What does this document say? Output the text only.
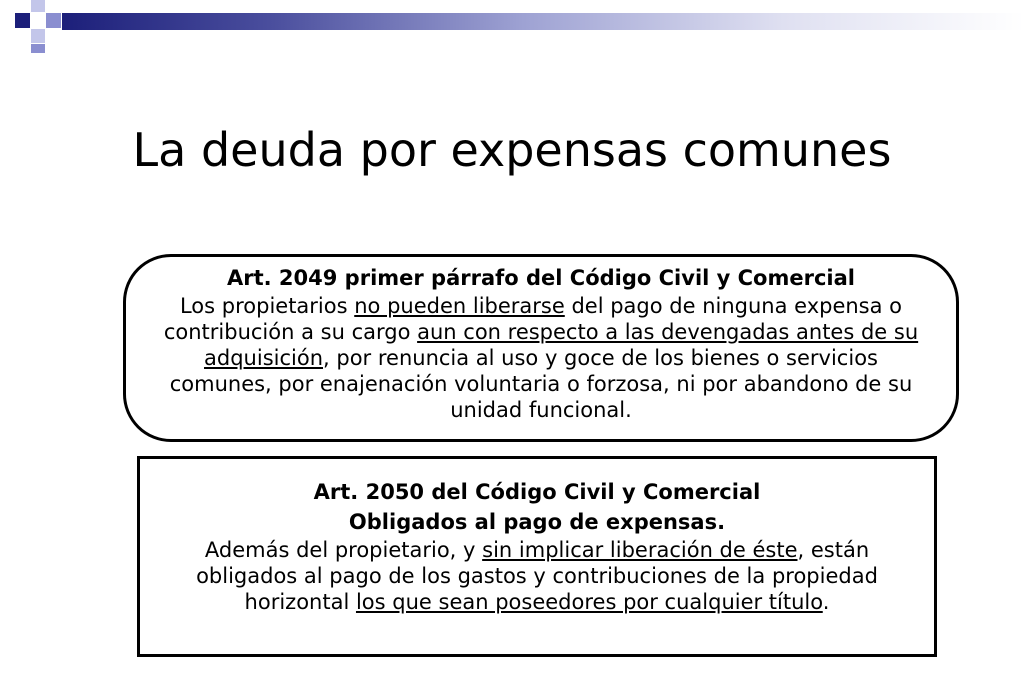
La deuda por expensas comunes
Art. 2049 primer párrafo del Código Civil y Comercial
Los propietarios no pueden liberarse del pago de ninguna expensa o contribución a su cargo aun con respecto a las devengadas antes de su adquisición, por renuncia al uso y goce de los bienes o servicios comunes, por enajenación voluntaria o forzosa, ni por abandono de su unidad funcional.
Art. 2050 del Código Civil y Comercial
Obligados al pago de expensas.
Además del propietario, y sin implicar liberación de éste, están obligados al pago de los gastos y contribuciones de la propiedad horizontal los que sean poseedores por cualquier título.
